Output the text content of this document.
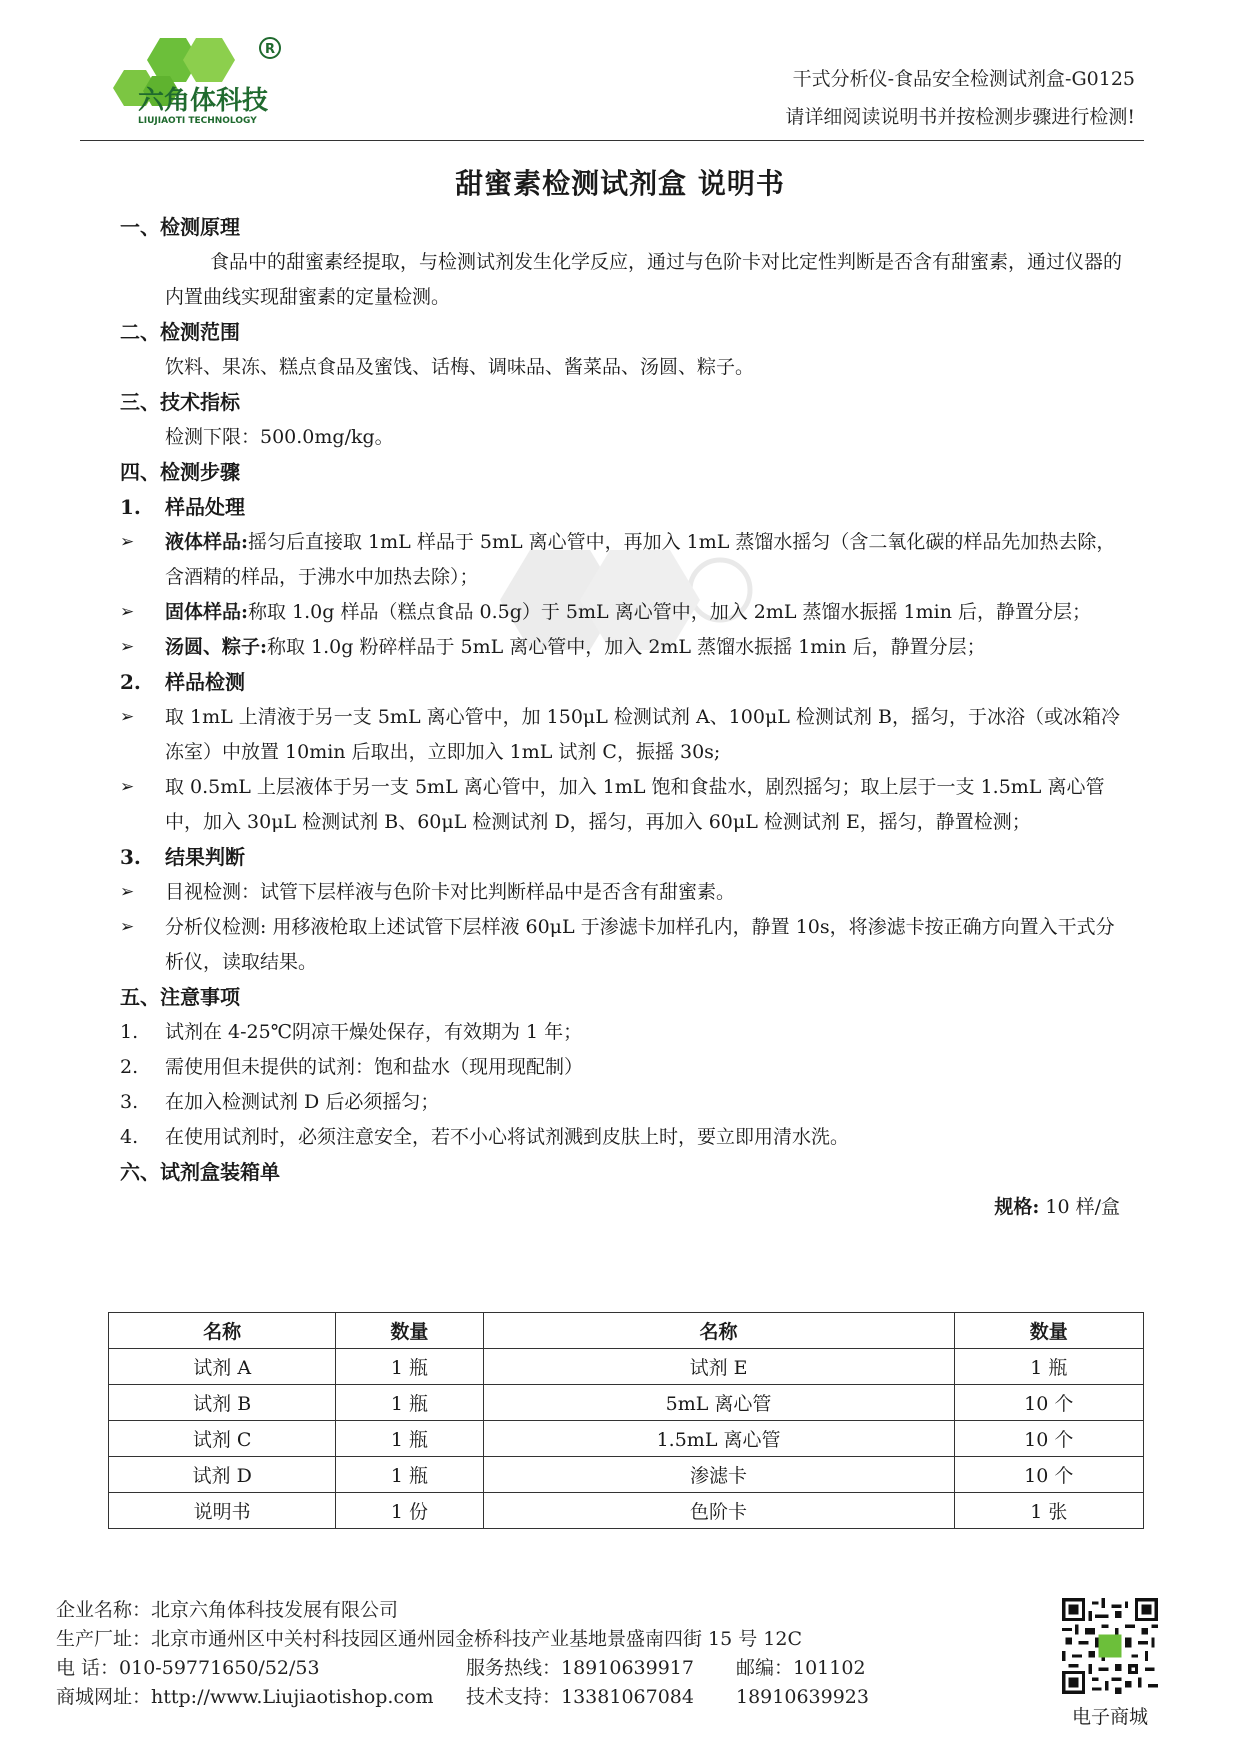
R
六角体科技
LIUJIAOTI TECHNOLOGY
干式分析仪-食品安全检测试剂盒-G0125
请详细阅读说明书并按检测步骤进行检测!
甜蜜素检测试剂盒 说明书
一、检测原理
食品中的甜蜜素经提取，与检测试剂发生化学反应，通过与色阶卡对比定性判断是否含有甜蜜素，通过仪器的内置曲线实现甜蜜素的定量检测。
二、检测范围
饮料、果冻、糕点食品及蜜饯、话梅、调味品、酱菜品、汤圆、粽子。
三、技术指标
检测下限：500.0mg/kg。
四、检测步骤
1.	样品处理
➢	液体样品:摇匀后直接取 1mL 样品于 5mL 离心管中，再加入 1mL 蒸馏水摇匀（含二氧化碳的样品先加热去除，含酒精的样品，于沸水中加热去除）；
➢	固体样品:称取 1.0g 样品（糕点食品 0.5g）于 5mL 离心管中，加入 2mL 蒸馏水振摇 1min 后，静置分层；
➢	汤圆、粽子:称取 1.0g 粉碎样品于 5mL 离心管中，加入 2mL 蒸馏水振摇 1min 后，静置分层；
2.	样品检测
➢	取 1mL 上清液于另一支 5mL 离心管中，加 150μL 检测试剂 A、100μL 检测试剂 B，摇匀，于冰浴（或冰箱冷冻室）中放置 10min 后取出，立即加入 1mL 试剂 C，振摇 30s;
➢	取 0.5mL 上层液体于另一支 5mL 离心管中，加入 1mL 饱和食盐水，剧烈摇匀；取上层于一支 1.5mL 离心管中，加入 30μL 检测试剂 B、60μL 检测试剂 D，摇匀，再加入 60μL 检测试剂 E，摇匀，静置检测；
3.	结果判断
➢	目视检测：试管下层样液与色阶卡对比判断样品中是否含有甜蜜素。
➢	分析仪检测: 用移液枪取上述试管下层样液 60μL 于渗滤卡加样孔内，静置 10s，将渗滤卡按正确方向置入干式分析仪，读取结果。
五、注意事项
1.	试剂在 4-25℃阴凉干燥处保存，有效期为 1 年；
2.	需使用但未提供的试剂：饱和盐水（现用现配制）
3.	在加入检测试剂 D 后必须摇匀；
4.	在使用试剂时，必须注意安全，若不小心将试剂溅到皮肤上时，要立即用清水洗。
六、试剂盒装箱单
规格: 10 样/盒
名称	数量	名称	数量
试剂 A	1 瓶	试剂 E	1 瓶
试剂 B	1 瓶	5mL 离心管	10 个
试剂 C	1 瓶	1.5mL 离心管	10 个
试剂 D	1 瓶	渗滤卡	10 个
说明书	1 份	色阶卡	1 张
企业名称：北京六角体科技发展有限公司
生产厂址：北京市通州区中关村科技园区通州园金桥科技产业基地景盛南四街 15 号 12C
电 话：010-59771650/52/53	服务热线：18910639917	邮编：101102
商城网址：http://www.Liujiaotishop.com	技术支持：13381067084	18910639923
电子商城
